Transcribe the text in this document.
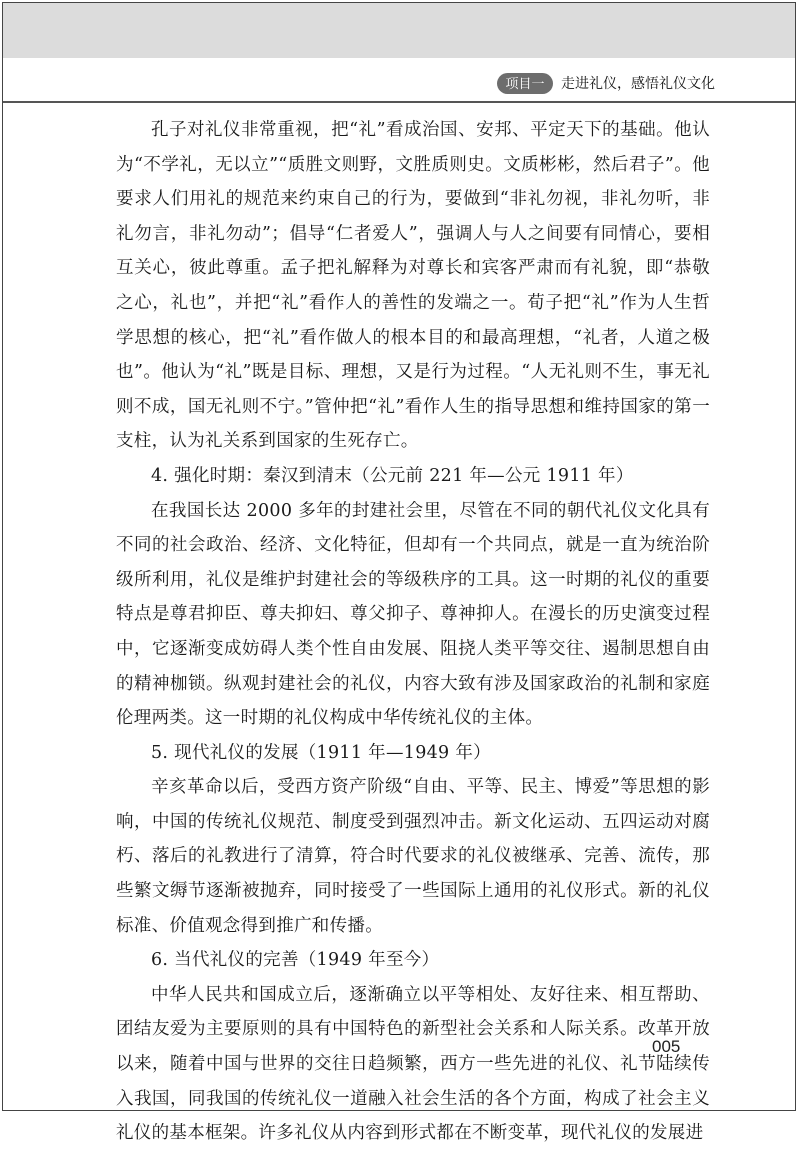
项目一	走进礼仪，感悟礼仪文化

孔子对礼仪非常重视，把“礼”看成治国、安邦、平定天下的基础。他认为“不学礼，无以立”“质胜文则野，文胜质则史。文质彬彬，然后君子”。他要求人们用礼的规范来约束自己的行为，要做到“非礼勿视，非礼勿听，非礼勿言，非礼勿动”；倡导“仁者爱人”，强调人与人之间要有同情心，要相互关心，彼此尊重。孟子把礼解释为对尊长和宾客严肃而有礼貌，即“恭敬之心，礼也”，并把“礼”看作人的善性的发端之一。荀子把“礼”作为人生哲学思想的核心，把“礼”看作做人的根本目的和最高理想，“礼者，人道之极也”。他认为“礼”既是目标、理想，又是行为过程。“人无礼则不生，事无礼则不成，国无礼则不宁。”管仲把“礼”看作人生的指导思想和维持国家的第一支柱，认为礼关系到国家的生死存亡。

4. 强化时期：秦汉到清末（公元前 221 年—公元 1911 年）

在我国长达 2000 多年的封建社会里，尽管在不同的朝代礼仪文化具有不同的社会政治、经济、文化特征，但却有一个共同点，就是一直为统治阶级所利用，礼仪是维护封建社会的等级秩序的工具。这一时期的礼仪的重要特点是尊君抑臣、尊夫抑妇、尊父抑子、尊神抑人。在漫长的历史演变过程中，它逐渐变成妨碍人类个性自由发展、阻挠人类平等交往、遏制思想自由的精神枷锁。纵观封建社会的礼仪，内容大致有涉及国家政治的礼制和家庭伦理两类。这一时期的礼仪构成中华传统礼仪的主体。

5. 现代礼仪的发展（1911 年—1949 年）

辛亥革命以后，受西方资产阶级“自由、平等、民主、博爱”等思想的影响，中国的传统礼仪规范、制度受到强烈冲击。新文化运动、五四运动对腐朽、落后的礼教进行了清算，符合时代要求的礼仪被继承、完善、流传，那些繁文缛节逐渐被抛弃，同时接受了一些国际上通用的礼仪形式。新的礼仪标准、价值观念得到推广和传播。

6. 当代礼仪的完善（1949 年至今）

中华人民共和国成立后，逐渐确立以平等相处、友好往来、相互帮助、团结友爱为主要原则的具有中国特色的新型社会关系和人际关系。改革开放以来，随着中国与世界的交往日趋频繁，西方一些先进的礼仪、礼节陆续传入我国，同我国的传统礼仪一道融入社会生活的各个方面，构成了社会主义礼仪的基本框架。许多礼仪从内容到形式都在不断变革，现代礼仪的发展进

005
